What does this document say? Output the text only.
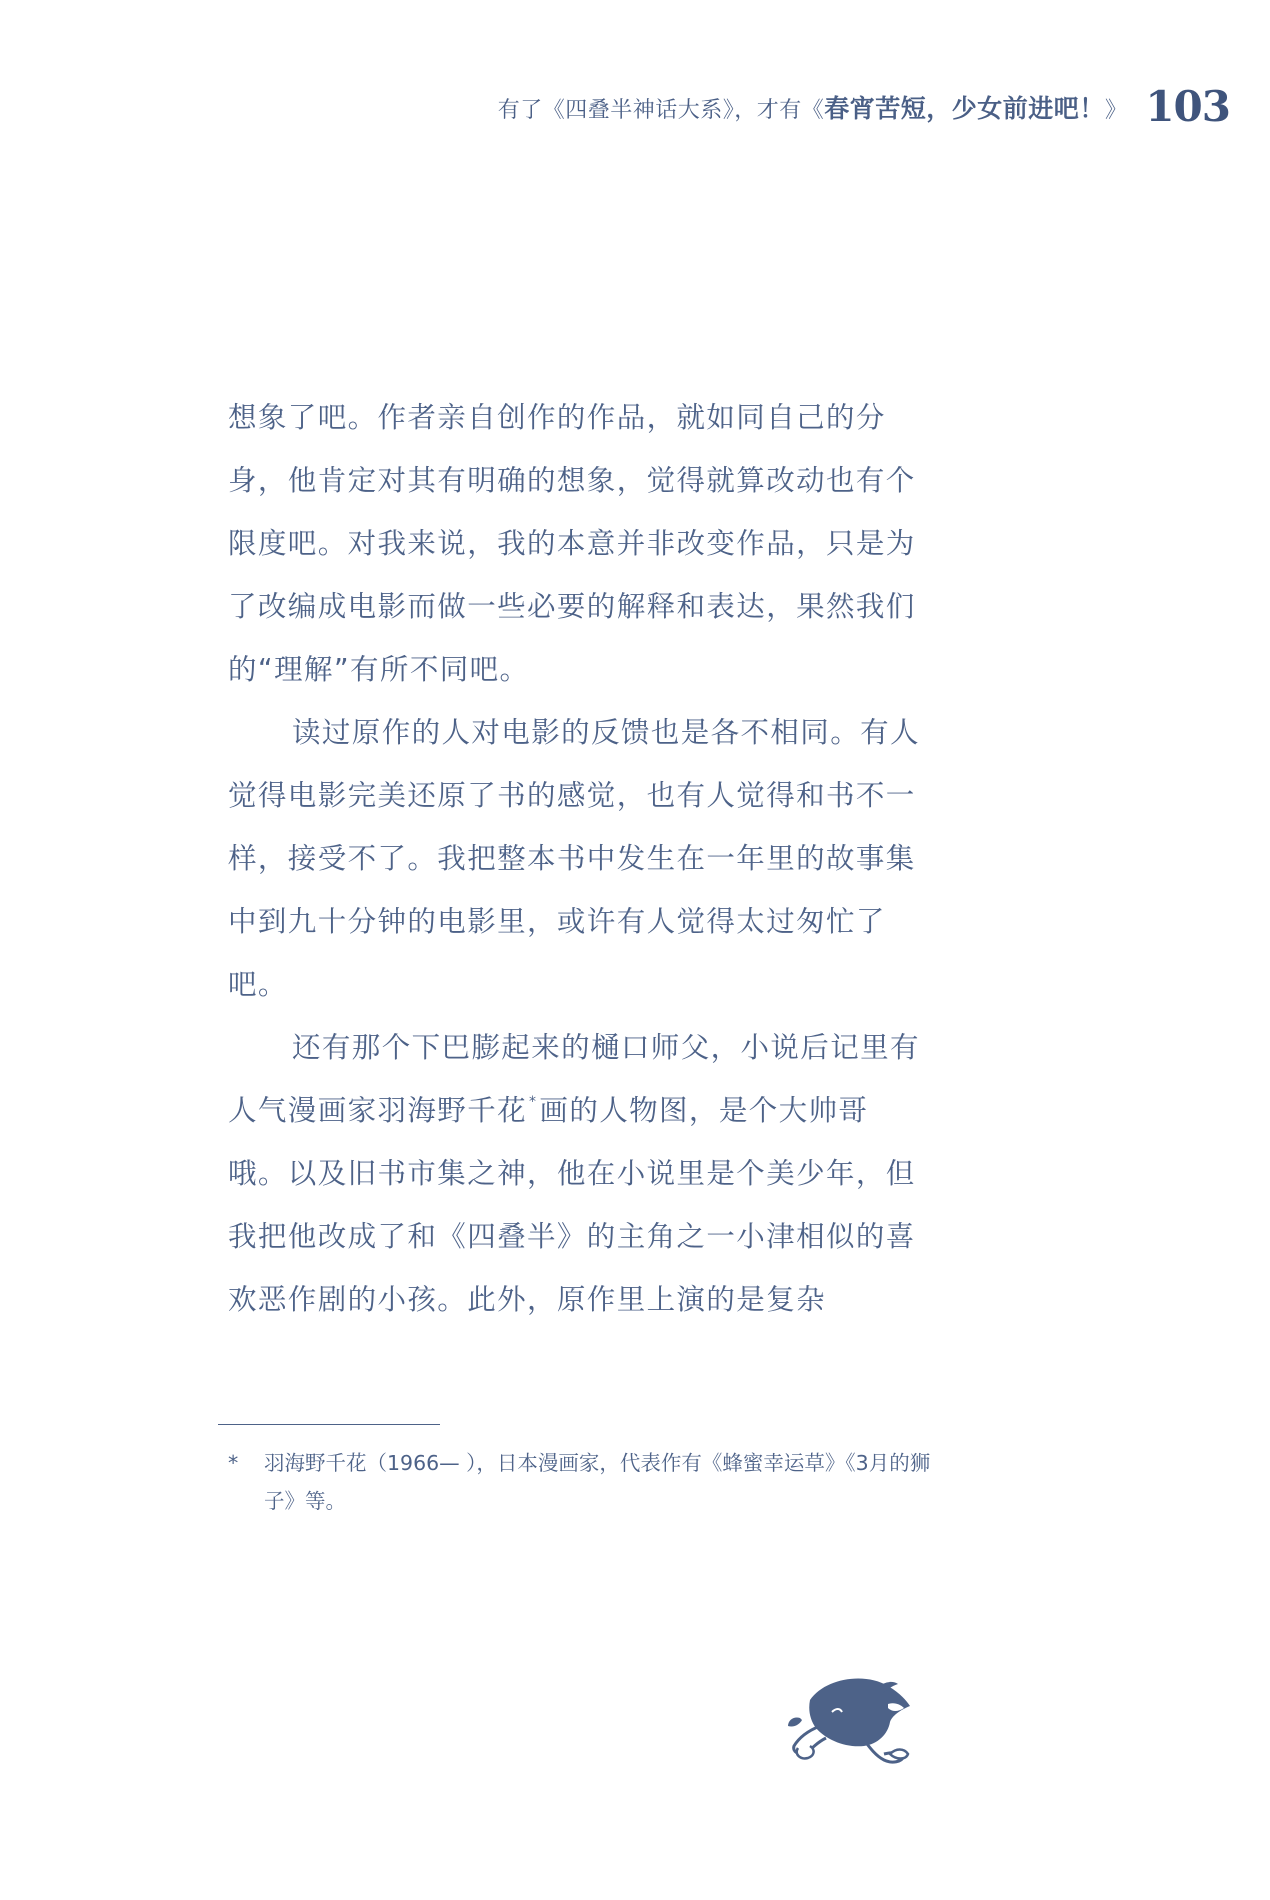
有了《四叠半神话大系》，才有《春宵苦短，少女前进吧！》 103

想象了吧。作者亲自创作的作品，就如同自己的分身，他肯定对其有明确的想象，觉得就算改动也有个限度吧。对我来说，我的本意并非改变作品，只是为了改编成电影而做一些必要的解释和表达，果然我们的“理解”有所不同吧。

读过原作的人对电影的反馈也是各不相同。有人觉得电影完美还原了书的感觉，也有人觉得和书不一样，接受不了。我把整本书中发生在一年里的故事集中到九十分钟的电影里，或许有人觉得太过匆忙了吧。

还有那个下巴膨起来的樋口师父，小说后记里有人气漫画家羽海野千花 *画的人物图，是个大帅哥哦。以及旧书市集之神，他在小说里是个美少年，但我把他改成了和《四叠半》的主角之一小津相似的喜欢恶作剧的小孩。此外，原作里上演的是复杂

*	羽海野千花（1966— ），日本漫画家，代表作有《蜂蜜幸运草》《3月的狮子》等。
